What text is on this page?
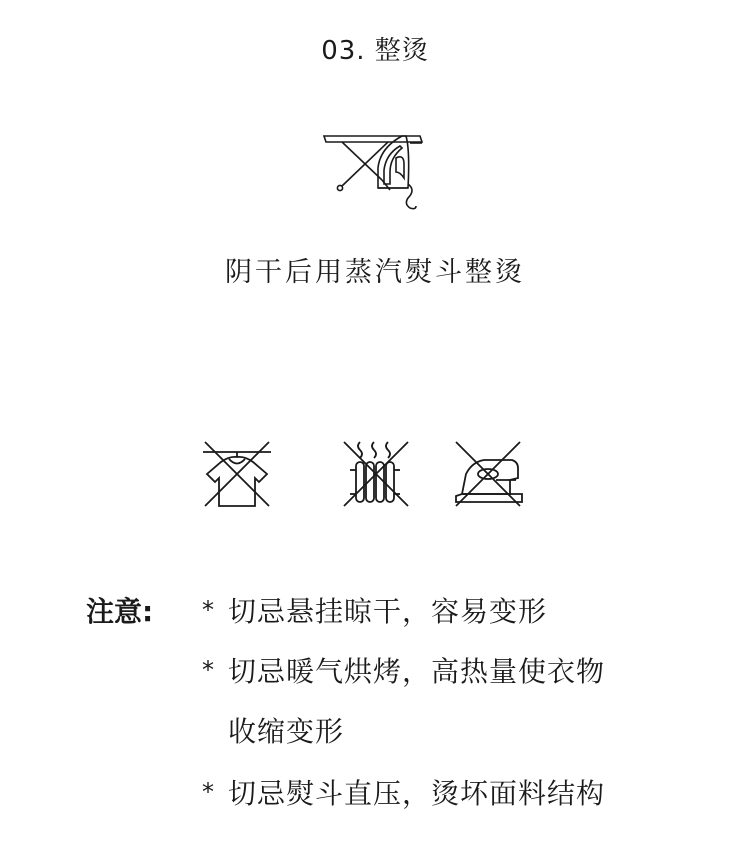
03. 整烫
阴干后用蒸汽熨斗整烫
注意: * 切忌悬挂晾干，容易变形
* 切忌暖气烘烤，高热量使衣物
收缩变形
* 切忌熨斗直压，烫坏面料结构
